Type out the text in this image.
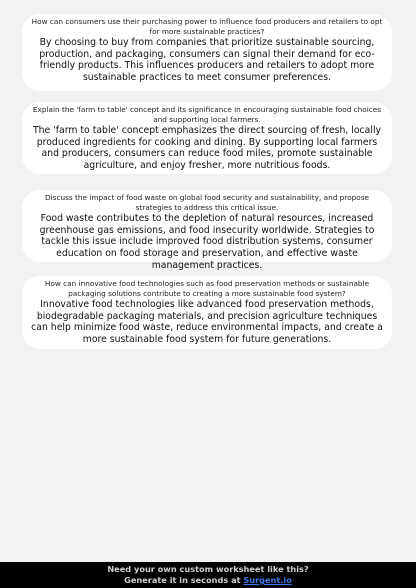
How can consumers use their purchasing power to influence food producers and retailers to opt for more sustainable practices?

By choosing to buy from companies that prioritize sustainable sourcing, production, and packaging, consumers can signal their demand for eco-friendly products. This influences producers and retailers to adopt more sustainable practices to meet consumer preferences.

Explain the 'farm to table' concept and its significance in encouraging sustainable food choices and supporting local farmers.

The 'farm to table' concept emphasizes the direct sourcing of fresh, locally produced ingredients for cooking and dining. By supporting local farmers and producers, consumers can reduce food miles, promote sustainable agriculture, and enjoy fresher, more nutritious foods.

Discuss the impact of food waste on global food security and sustainability, and propose strategies to address this critical issue.

Food waste contributes to the depletion of natural resources, increased greenhouse gas emissions, and food insecurity worldwide. Strategies to tackle this issue include improved food distribution systems, consumer education on food storage and preservation, and effective waste management practices.

How can innovative food technologies such as food preservation methods or sustainable packaging solutions contribute to creating a more sustainable food system?

Innovative food technologies like advanced food preservation methods, biodegradable packaging materials, and precision agriculture techniques can help minimize food waste, reduce environmental impacts, and create a more sustainable food system for future generations.

Need your own custom worksheet like this?
Generate it in seconds at Surgent.io
